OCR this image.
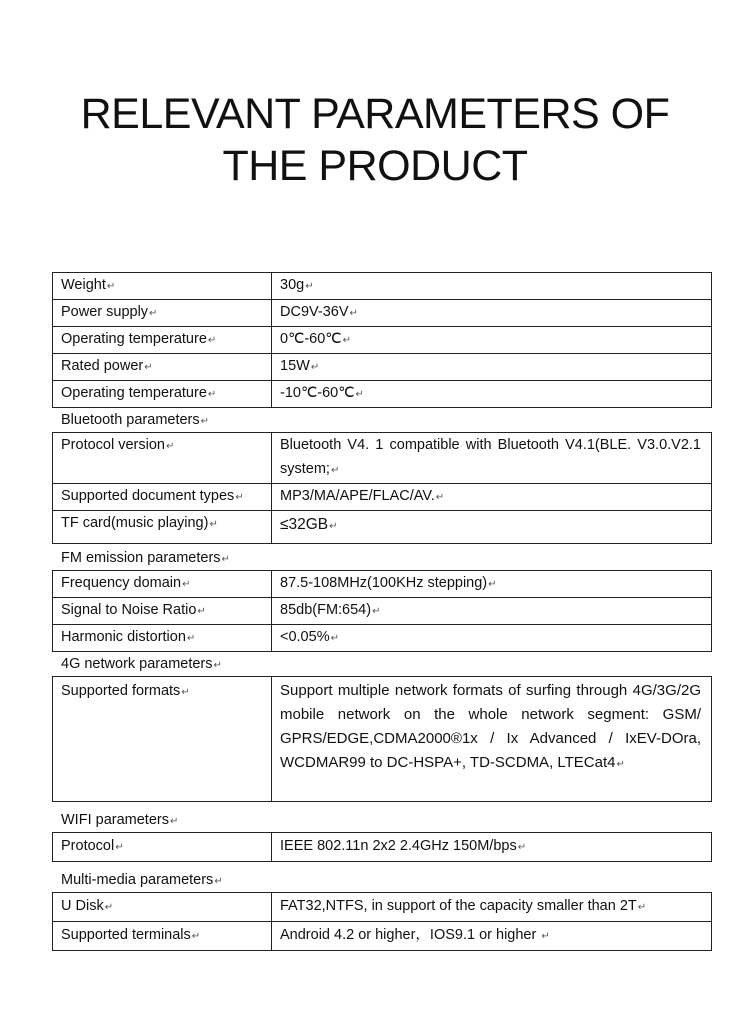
RELEVANT PARAMETERS OF
THE PRODUCT
Weight↵	30g↵
Power supply↵	DC9V-36V↵
Operating temperature↵	0℃-60℃↵
Rated power↵	15W↵
Operating temperature↵	-10℃-60℃↵
Bluetooth parameters↵
Protocol version↵	Bluetooth V4. 1 compatible with Bluetooth V4.1(BLE. V3.0.V2.1 system;↵
Supported document types↵	MP3/MA/APE/FLAC/AV.↵
TF card(music playing)↵	≤32GB↵
FM emission parameters↵
Frequency domain↵	87.5-108MHz(100KHz stepping)↵
Signal to Noise Ratio↵	85db(FM:654)↵
Harmonic distortion↵	<0.05%↵
4G network parameters↵
Supported formats↵	Support multiple network formats of surfing through 4G/3G/2G mobile network on the whole network segment: GSM/ GPRS/EDGE,CDMA2000®1x / Ix Advanced / IxEV-DOra, WCDMAR99 to DC-HSPA+, TD-SCDMA, LTECat4↵
WIFI parameters↵
Protocol↵	IEEE 802.11n 2x2 2.4GHz 150M/bps↵
Multi-media parameters↵
U Disk↵	FAT32,NTFS, in support of the capacity smaller than 2T↵
Supported terminals↵	Android 4.2 or higher，IOS9.1 or higher ↵
